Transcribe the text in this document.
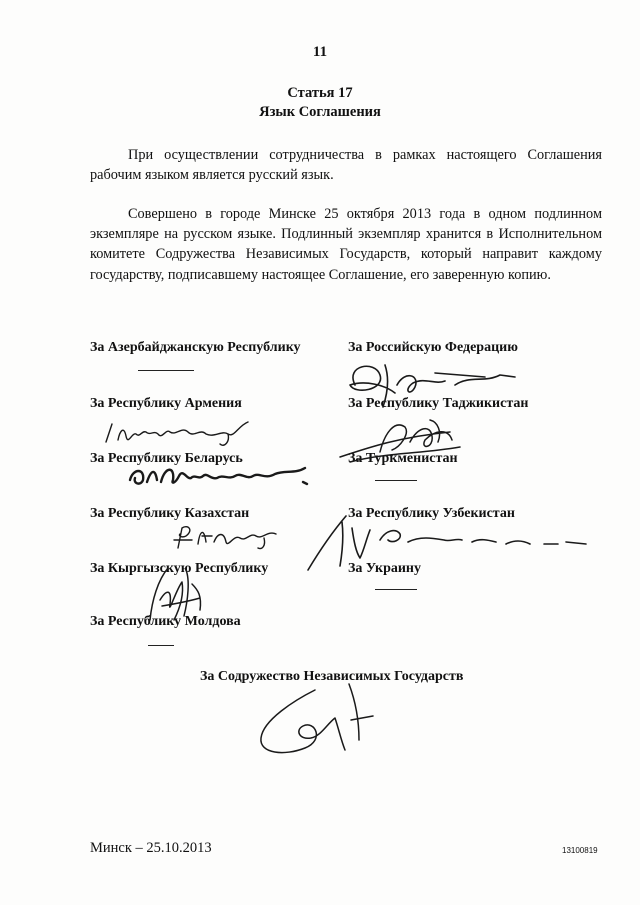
11
Статья 17
Язык Соглашения

При осуществлении сотрудничества в рамках настоящего Соглашения рабочим языком является русский язык.

Совершено в городе Минске 25 октября 2013 года в одном подлинном экземпляре на русском языке. Подлинный экземпляр хранится в Исполнительном комитете Содружества Независимых Государств, который направит каждому государству, подписавшему настоящее Соглашение, его заверенную копию.

За Азербайджанскую Республику
За Республику Армения
За Республику Беларусь
За Республику Казахстан
За Кыргызскую Республику
За Республику Молдова
За Российскую Федерацию
За Республику Таджикистан
За Туркменистан
За Республику Узбекистан
За Украину
За Содружество Независимых Государств
Минск – 25.10.2013	13100819
